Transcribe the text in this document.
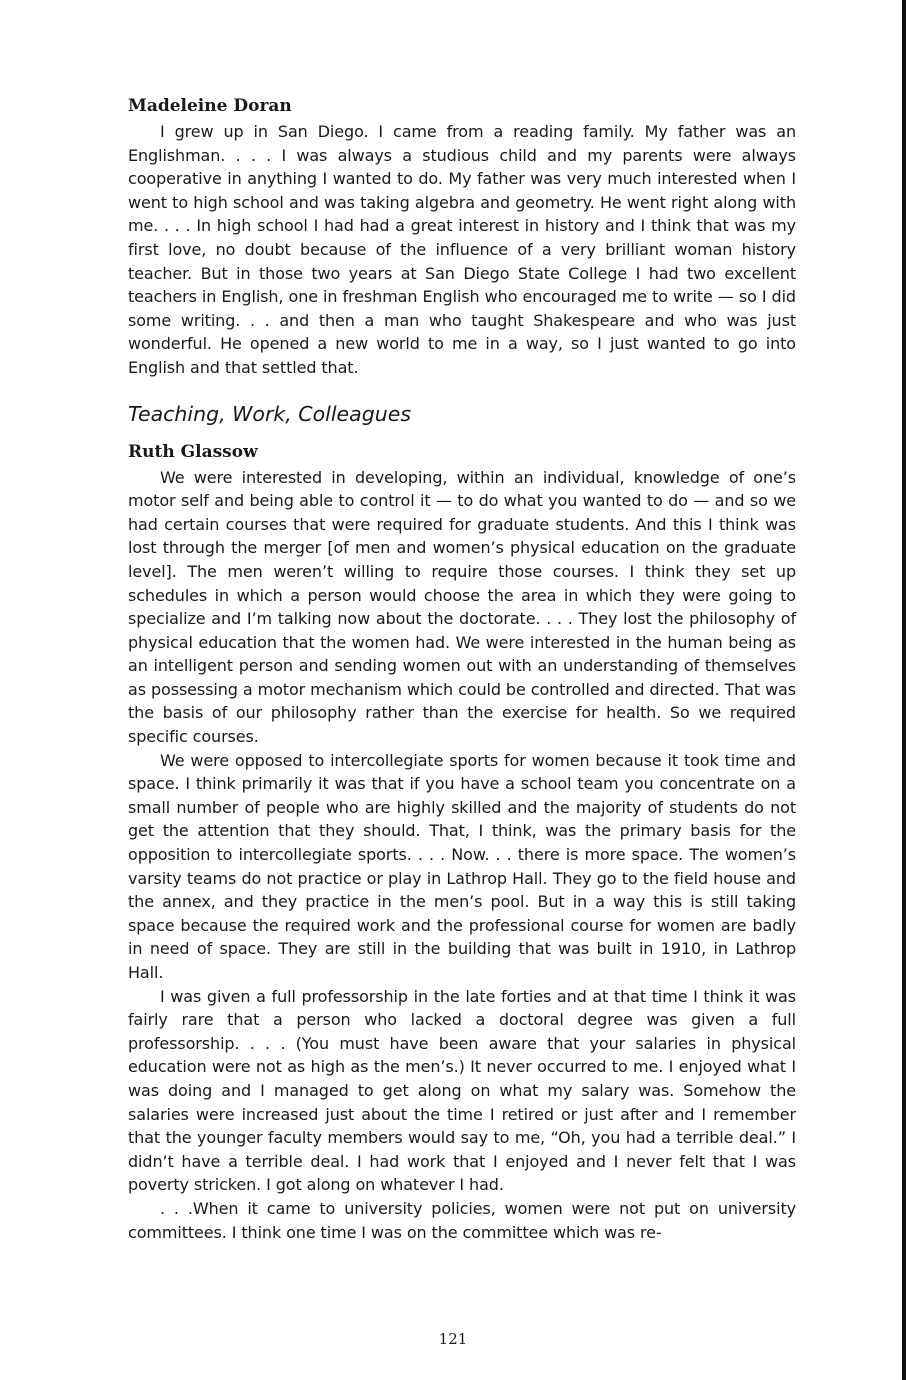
Madeleine Doran

I grew up in San Diego. I came from a reading family. My father was an Englishman. . . . I was always a studious child and my parents were always cooperative in anything I wanted to do. My father was very much interested when I went to high school and was taking algebra and geometry. He went right along with me. . . . In high school I had had a great interest in history and I think that was my first love, no doubt because of the influence of a very brilliant woman history teacher. But in those two years at San Diego State College I had two excellent teachers in English, one in freshman English who encouraged me to write — so I did some writing. . . and then a man who taught Shakespeare and who was just wonderful. He opened a new world to me in a way, so I just wanted to go into English and that settled that.

Teaching, Work, Colleagues
Ruth Glassow

We were interested in developing, within an individual, knowledge of one’s motor self and being able to control it — to do what you wanted to do — and so we had certain courses that were required for graduate students. And this I think was lost through the merger [of men and women’s physical education on the graduate level]. The men weren’t willing to require those courses. I think they set up schedules in which a person would choose the area in which they were going to specialize and I’m talking now about the doctorate. . . . They lost the philosophy of physical education that the women had. We were interested in the human being as an intelligent person and sending women out with an understanding of themselves as possessing a motor mechanism which could be controlled and directed. That was the basis of our philosophy rather than the exercise for health. So we required specific courses.

We were opposed to intercollegiate sports for women because it took time and space. I think primarily it was that if you have a school team you concentrate on a small number of people who are highly skilled and the majority of students do not get the attention that they should. That, I think, was the primary basis for the opposition to intercollegiate sports. . . . Now. . . there is more space. The women’s varsity teams do not practice or play in Lathrop Hall. They go to the field house and the annex, and they practice in the men’s pool. But in a way this is still taking space because the required work and the professional course for women are badly in need of space. They are still in the building that was built in 1910, in Lathrop Hall.

I was given a full professorship in the late forties and at that time I think it was fairly rare that a person who lacked a doctoral degree was given a full professorship. . . . (You must have been aware that your salaries in physical education were not as high as the men’s.) It never occurred to me. I enjoyed what I was doing and I managed to get along on what my salary was. Somehow the salaries were increased just about the time I retired or just after and I remember that the younger faculty members would say to me, “Oh, you had a terrible deal.” I didn’t have a terrible deal. I had work that I enjoyed and I never felt that I was poverty stricken. I got along on whatever I had.

. . .When it came to university policies, women were not put on university committees. I think one time I was on the committee which was re-

121
